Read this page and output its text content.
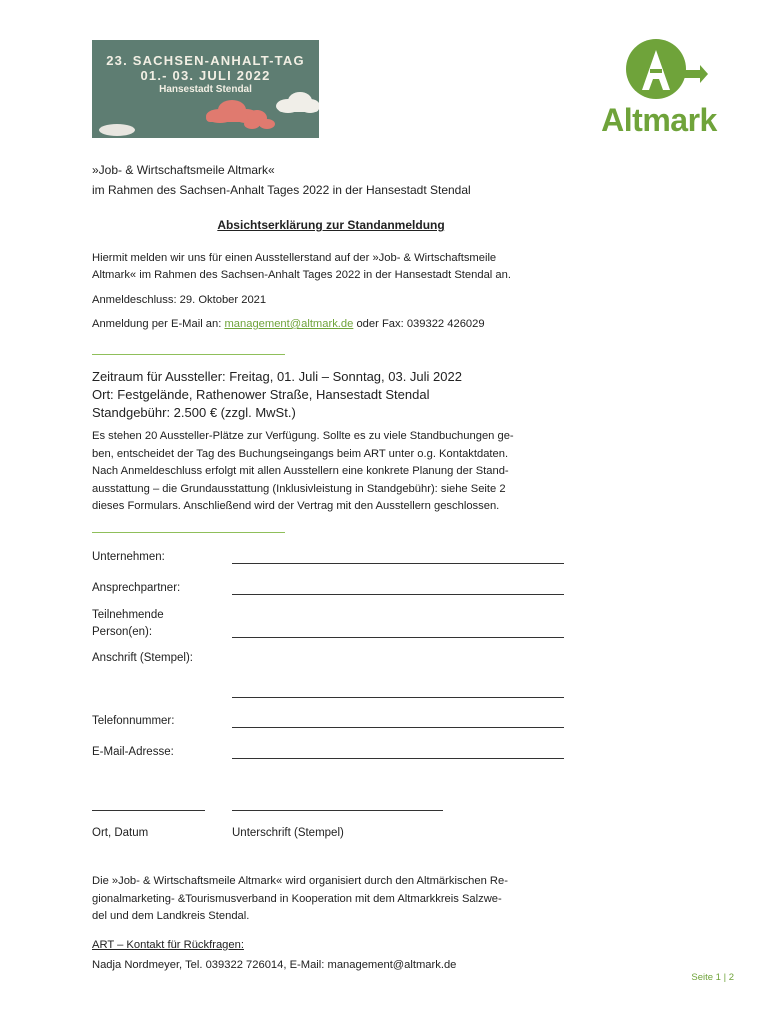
23. SACHSEN-ANHALT-TAG
01.- 03. JULI 2022
Hansestadt Stendal
Altmark
»Job- & Wirtschaftsmeile Altmark«
im Rahmen des Sachsen-Anhalt Tages 2022 in der Hansestadt Stendal
Absichtserklärung zur Standanmeldung
Hiermit melden wir uns für einen Ausstellerstand auf der »Job- & Wirtschaftsmeile
Altmark« im Rahmen des Sachsen-Anhalt Tages 2022 in der Hansestadt Stendal an.
Anmeldeschluss: 29. Oktober 2021
Anmeldung per E-Mail an: management@altmark.de oder Fax: 039322 426029
Zeitraum für Aussteller: Freitag, 01. Juli – Sonntag, 03. Juli 2022
Ort: Festgelände, Rathenower Straße, Hansestadt Stendal
Standgebühr: 2.500 € (zzgl. MwSt.)
Es stehen 20 Aussteller-Plätze zur Verfügung. Sollte es zu viele Standbuchungen ge-
ben, entscheidet der Tag des Buchungseingangs beim ART unter o.g. Kontaktdaten.
Nach Anmeldeschluss erfolgt mit allen Ausstellern eine konkrete Planung der Stand-
ausstattung – die Grundausstattung (Inklusivleistung in Standgebühr): siehe Seite 2
dieses Formulars. Anschließend wird der Vertrag mit den Ausstellern geschlossen.
Unternehmen:
Ansprechpartner:
Teilnehmende
Person(en):
Anschrift (Stempel):
Telefonnummer:
E-Mail-Adresse:
Ort, Datum	Unterschrift (Stempel)
Die »Job- & Wirtschaftsmeile Altmark« wird organisiert durch den Altmärkischen Re-
gionalmarketing- &Tourismusverband in Kooperation mit dem Altmarkkreis Salzwe-
del und dem Landkreis Stendal.
ART – Kontakt für Rückfragen:
Nadja Nordmeyer, Tel. 039322 726014, E-Mail: management@altmark.de
Seite 1 | 2
